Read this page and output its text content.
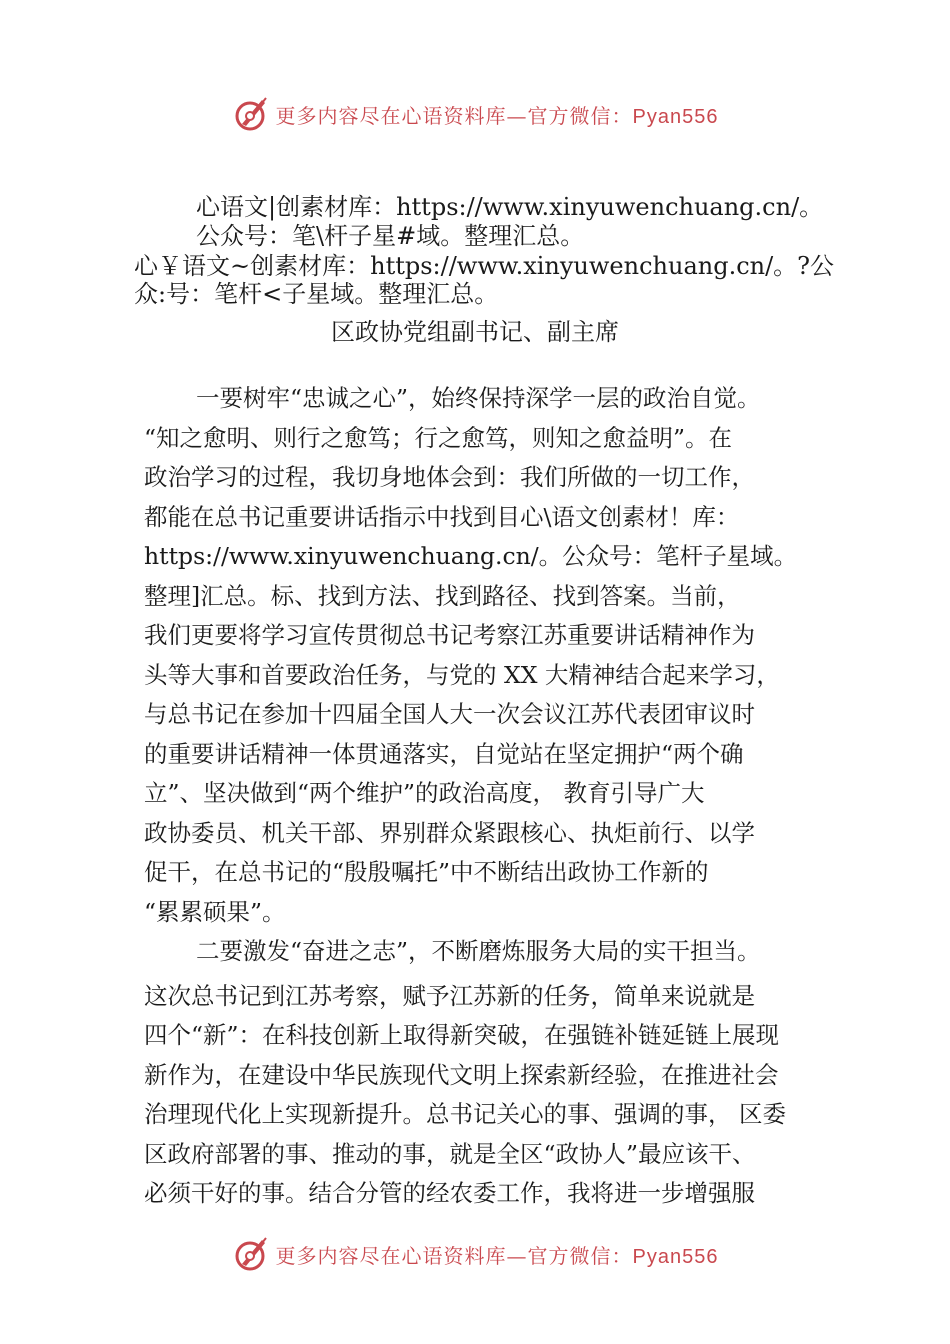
更多内容尽在心语资料库—官方微信：Pyan556
心语文|创素材库：https://www.xinyuwenchuang.cn/。
公众号：笔\杆子星#域。整理汇总。
心￥语文~创素材库：https://www.xinyuwenchuang.cn/。?公
众:号：笔杆<子星域。整理汇总。
区政协党组副书记、副主席
一要树牢“忠诚之心”，始终保持深学一层的政治自觉。
“知之愈明、则行之愈笃；行之愈笃，则知之愈益明”。在
政治学习的过程，我切身地体会到：我们所做的一切工作，
都能在总书记重要讲话指示中找到目心\语文创素材！库：
https://www.xinyuwenchuang.cn/。公众号：笔杆子星域。
整理]汇总。标、找到方法、找到路径、找到答案。当前，
我们更要将学习宣传贯彻总书记考察江苏重要讲话精神作为
头等大事和首要政治任务，与党的 XX 大精神结合起来学习，
与总书记在参加十四届全国人大一次会议江苏代表团审议时
的重要讲话精神一体贯通落实，自觉站在坚定拥护“两个确
立”、坚决做到“两个维护”的政治高度， 教育引导广大
政协委员、机关干部、界别群众紧跟核心、执炬前行、以学
促干，在总书记的“殷殷嘱托”中不断结出政协工作新的
“累累硕果”。
二要激发“奋进之志”，不断磨炼服务大局的实干担当。
这次总书记到江苏考察，赋予江苏新的任务，简单来说就是
四个“新”：在科技创新上取得新突破，在强链补链延链上展现
新作为，在建设中华民族现代文明上探索新经验，在推进社会
治理现代化上实现新提升。总书记关心的事、强调的事， 区委
区政府部署的事、推动的事，就是全区“政协人”最应该干、
必须干好的事。结合分管的经农委工作，我将进一步增强服
更多内容尽在心语资料库—官方微信：Pyan556
